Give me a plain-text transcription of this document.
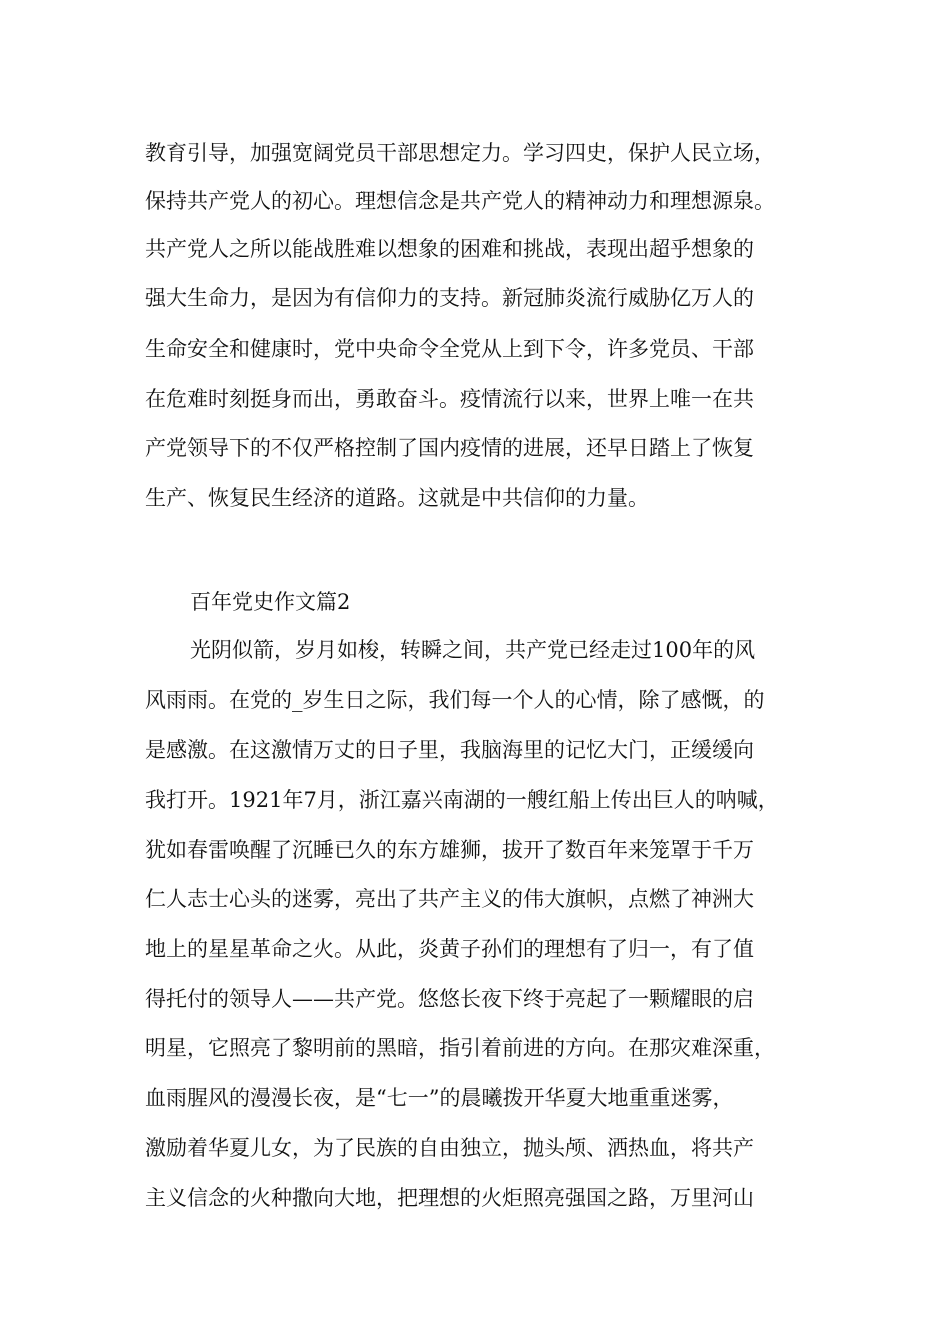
教育引导，加强宽阔党员干部思想定力。学习四史，保护人民立场，
保持共产党人的初心。理想信念是共产党人的精神动力和理想源泉。
共产党人之所以能战胜难以想象的困难和挑战，表现出超乎想象的
强大生命力，是因为有信仰力的支持。新冠肺炎流行威胁亿万人的
生命安全和健康时，党中央命令全党从上到下令，许多党员、干部
在危难时刻挺身而出，勇敢奋斗。疫情流行以来，世界上唯一在共
产党领导下的不仅严格控制了国内疫情的进展，还早日踏上了恢复
生产、恢复民生经济的道路。这就是中共信仰的力量。
百年党史作文篇2
光阴似箭，岁月如梭，转瞬之间，共产党已经走过100年的风
风雨雨。在党的_岁生日之际，我们每一个人的心情，除了感慨，的
是感激。在这激情万丈的日子里，我脑海里的记忆大门，正缓缓向
我打开。1921年7月，浙江嘉兴南湖的一艘红船上传出巨人的呐喊，
犹如春雷唤醒了沉睡已久的东方雄狮，拔开了数百年来笼罩于千万
仁人志士心头的迷雾，亮出了共产主义的伟大旗帜，点燃了神洲大
地上的星星革命之火。从此，炎黄子孙们的理想有了归一，有了值
得托付的领导人——共产党。悠悠长夜下终于亮起了一颗耀眼的启
明星，它照亮了黎明前的黑暗，指引着前进的方向。在那灾难深重，
血雨腥风的漫漫长夜，是“七一”的晨曦拨开华夏大地重重迷雾，
激励着华夏儿女，为了民族的自由独立，抛头颅、洒热血，将共产
主义信念的火种撒向大地，把理想的火炬照亮强国之路，万里河山
